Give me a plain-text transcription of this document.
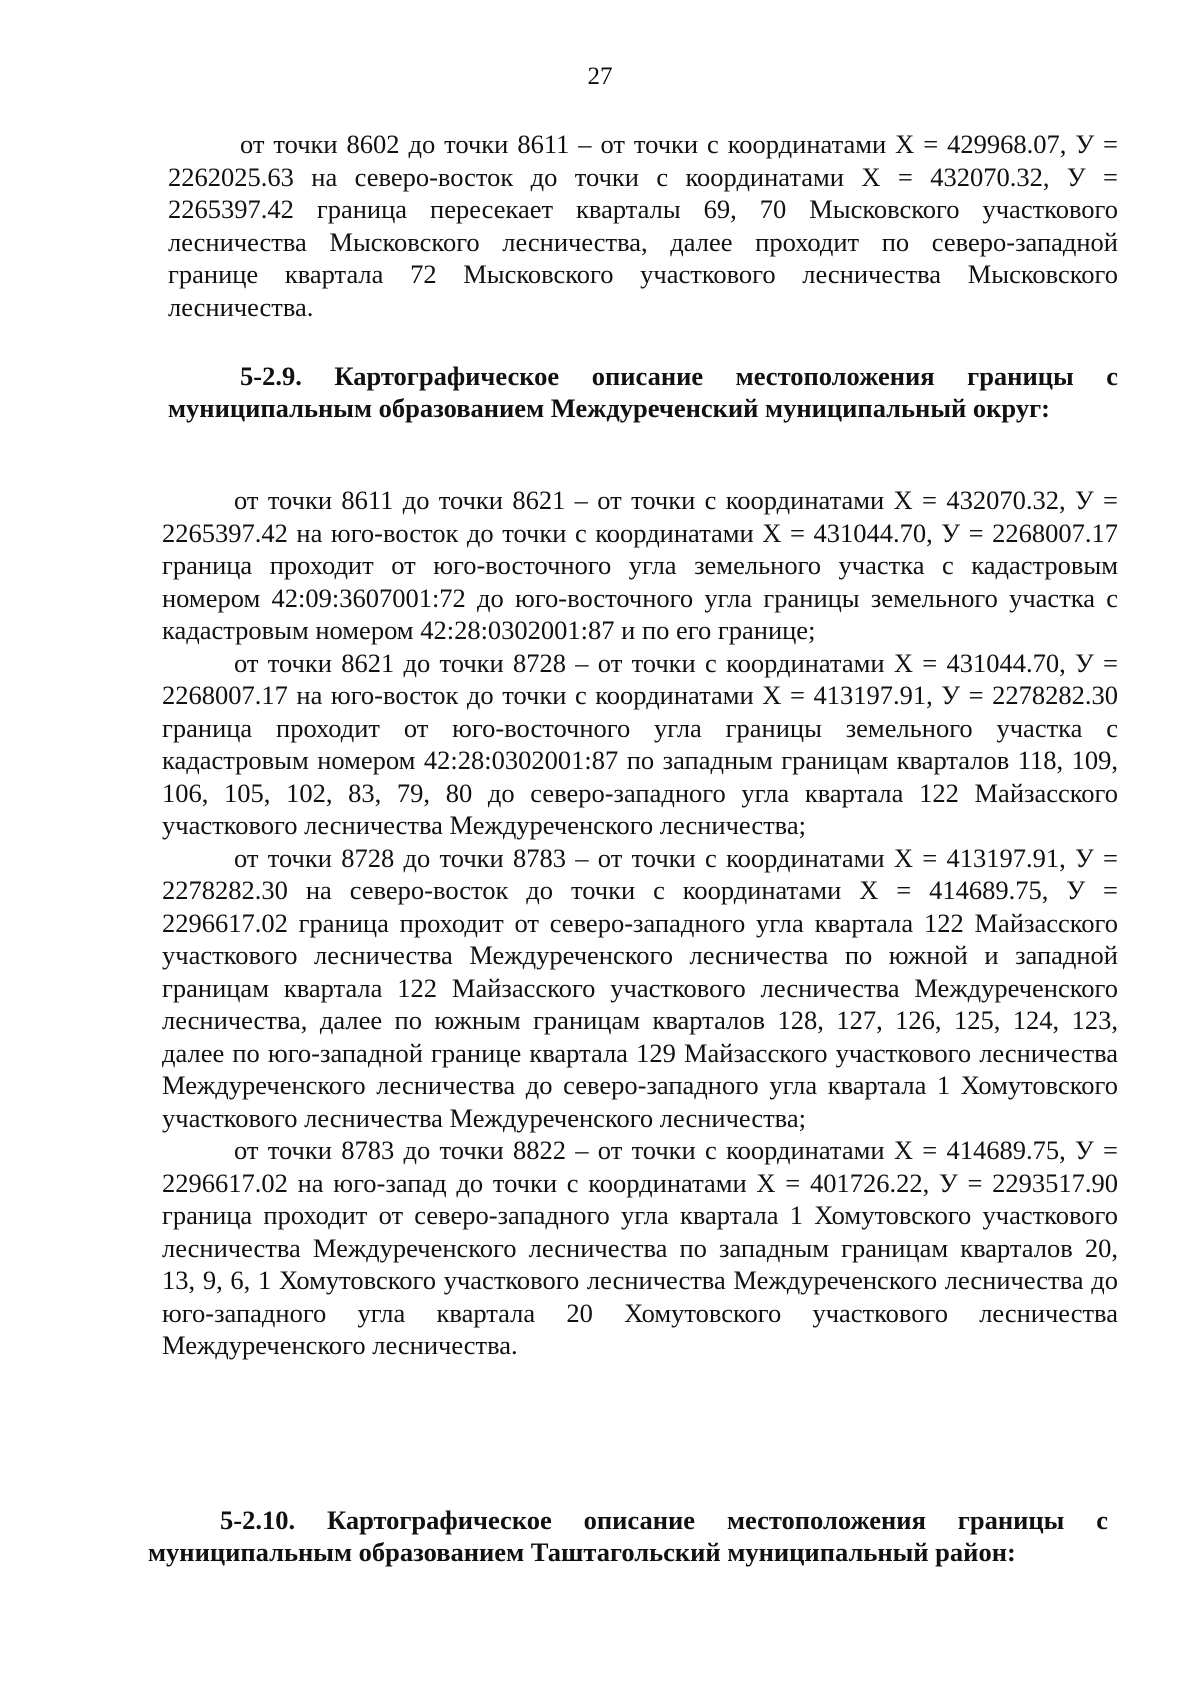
27

от точки 8602 до точки 8611 – от точки с координатами Х = 429968.07, У = 2262025.63 на северо-восток до точки с координатами Х = 432070.32, У = 2265397.42 граница пересекает кварталы 69, 70 Мысковского участкового лесничества Мысковского лесничества, далее проходит по северо-западной границе квартала 72 Мысковского участкового лесничества Мысковского лесничества.

5-2.9. Картографическое описание местоположения границы с муниципальным образованием Междуреченский муниципальный округ:

от точки 8611 до точки 8621 – от точки с координатами Х = 432070.32, У = 2265397.42 на юго-восток до точки с координатами Х = 431044.70, У = 2268007.17 граница проходит от юго-восточного угла земельного участка с кадастровым номером 42:09:3607001:72 до юго-восточного угла границы земельного участка с кадастровым номером 42:28:0302001:87 и по его границе;

от точки 8621 до точки 8728 – от точки с координатами Х = 431044.70, У = 2268007.17 на юго-восток до точки с координатами Х = 413197.91, У = 2278282.30 граница проходит от юго-восточного угла границы земельного участка с кадастровым номером 42:28:0302001:87 по западным границам кварталов 118, 109, 106, 105, 102, 83, 79, 80 до северо-западного угла квартала 122 Майзасского участкового лесничества Междуреченского лесничества;

от точки 8728 до точки 8783 – от точки с координатами Х = 413197.91, У = 2278282.30 на северо-восток до точки с координатами Х = 414689.75, У = 2296617.02 граница проходит от северо-западного угла квартала 122 Майзасского участкового лесничества Междуреченского лесничества по южной и западной границам квартала 122 Майзасского участкового лесничества Междуреченского лесничества, далее по южным границам кварталов 128, 127, 126, 125, 124, 123, далее по юго-западной границе квартала 129 Майзасского участкового лесничества Междуреченского лесничества до северо-западного угла квартала 1 Хомутовского участкового лесничества Междуреченского лесничества;

от точки 8783 до точки 8822 – от точки с координатами Х = 414689.75, У = 2296617.02 на юго-запад до точки с координатами Х = 401726.22, У = 2293517.90 граница проходит от северо-западного угла квартала 1 Хомутовского участкового лесничества Междуреченского лесничества по западным границам кварталов 20, 13, 9, 6, 1 Хомутовского участкового лесничества Междуреченского лесничества до юго-западного угла квартала 20 Хомутовского участкового лесничества Междуреченского лесничества.

5-2.10. Картографическое описание местоположения границы с муниципальным образованием Таштагольский муниципальный район:
